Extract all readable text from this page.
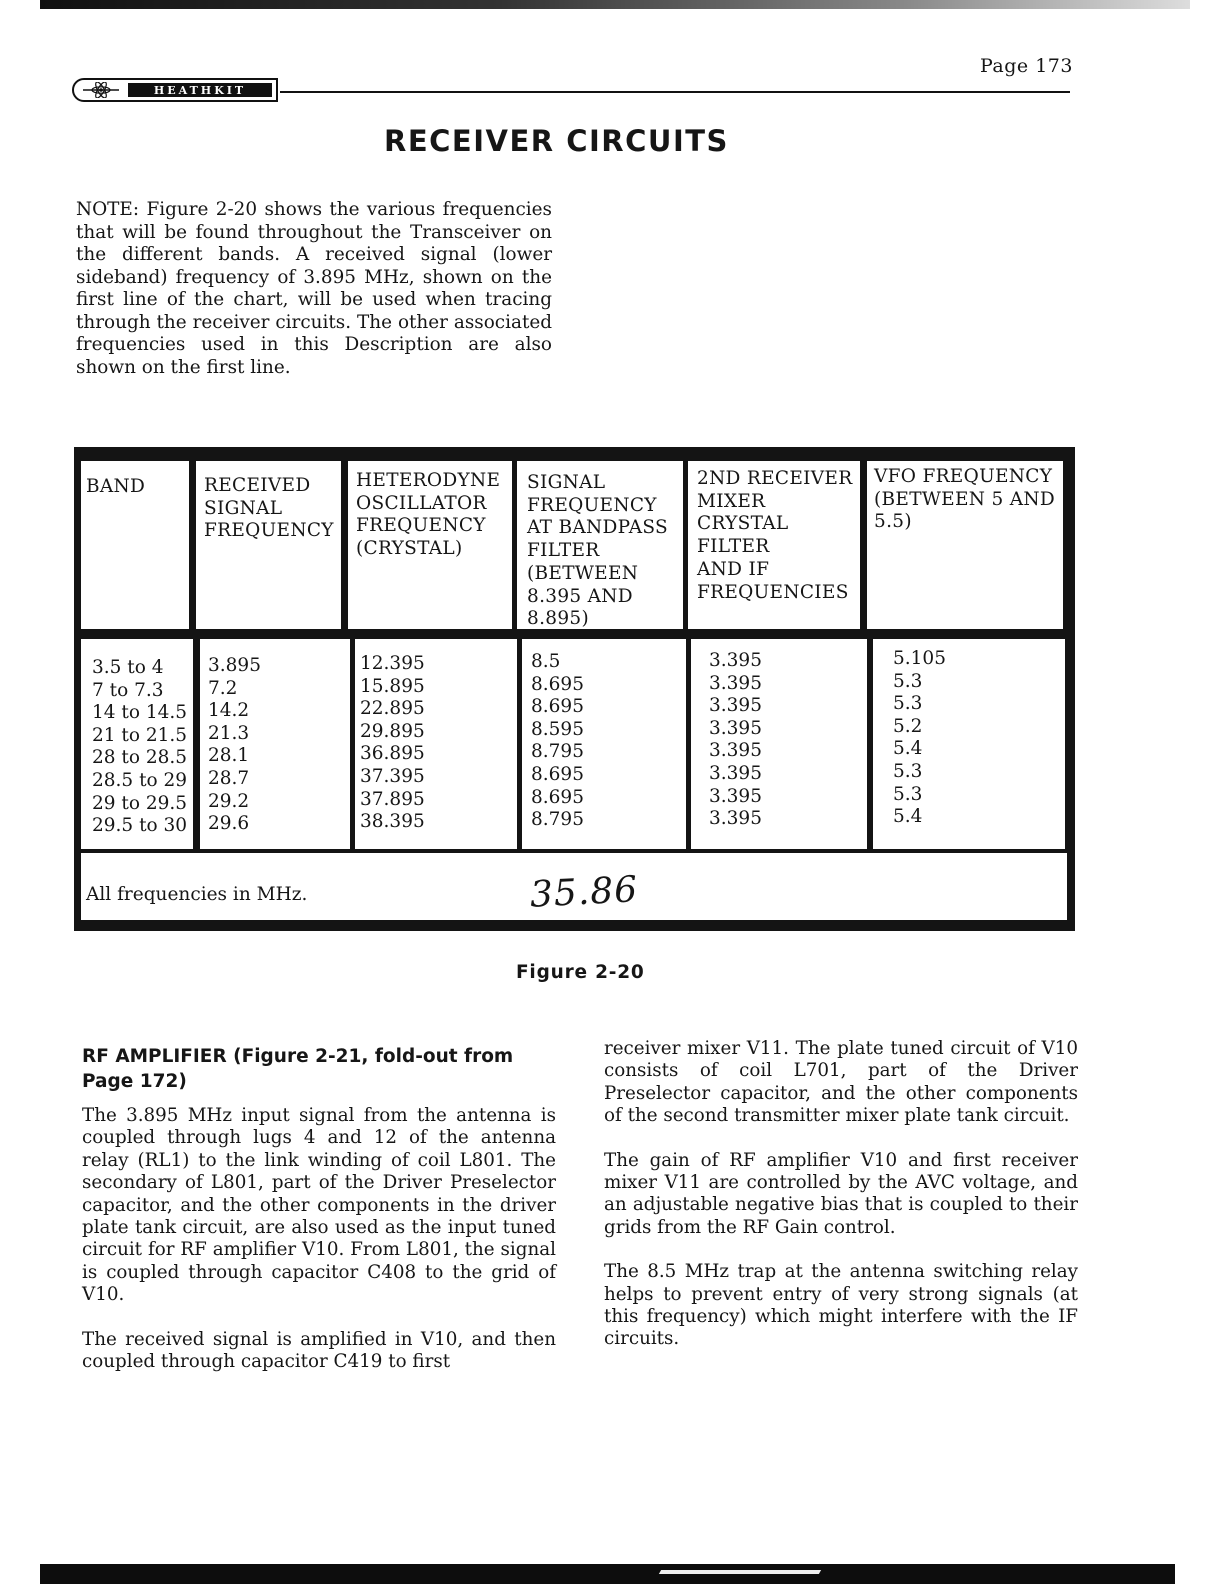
Page 173
HEATHKIT
RECEIVER CIRCUITS

NOTE: Figure 2-20 shows the various frequencies that will be found throughout the Transceiver on the different bands. A received signal (lower sideband) frequency of 3.895 MHz, shown on the first line of the chart, will be used when tracing through the receiver circuits. The other associated frequencies used in this Description are also shown on the first line.

BAND	RECEIVED
SIGNAL
FREQUENCY
HETERODYNE
OSCILLATOR
FREQUENCY
(CRYSTAL)
SIGNAL
FREQUENCY
AT BANDPASS
FILTER
(BETWEEN
8.395 AND
8.895)
2ND RECEIVER
MIXER
CRYSTAL
FILTER
AND IF
FREQUENCIES
VFO FREQUENCY
(BETWEEN 5 AND
5.5)
3.5 to 4
7 to 7.3
14 to 14.5
21 to 21.5
28 to 28.5
28.5 to 29
29 to 29.5
29.5 to 30
3.895
7.2
14.2
21.3
28.1
28.7
29.2
29.6
12.395
15.895
22.895
29.895
36.895
37.395
37.895
38.395
8.5
8.695
8.695
8.595
8.795
8.695
8.695
8.795
3.395
3.395
3.395
3.395
3.395
3.395
3.395
3.395
5.105
5.3
5.3
5.2
5.4
5.3
5.3
5.4
All frequencies in MHz.	35.86
Figure 2-20
RF AMPLIFIER (Figure 2-21, fold-out from
Page 172)

The 3.895 MHz input signal from the antenna is coupled through lugs 4 and 12 of the antenna relay (RL1) to the link winding of coil L801. The secondary of L801, part of the Driver Preselector capacitor, and the other components in the driver plate tank circuit, are also used as the input tuned circuit for RF amplifier V10. From L801, the signal is coupled through capacitor C408 to the grid of V10.

The received signal is amplified in V10, and then coupled through capacitor C419 to first

receiver mixer V11. The plate tuned circuit of V10 consists of coil L701, part of the Driver Preselector capacitor, and the other components of the second transmitter mixer plate tank circuit.

The gain of RF amplifier V10 and first receiver mixer V11 are controlled by the AVC voltage, and an adjustable negative bias that is coupled to their grids from the RF Gain control.

The 8.5 MHz trap at the antenna switching relay helps to prevent entry of very strong signals (at this frequency) which might interfere with the IF circuits.
